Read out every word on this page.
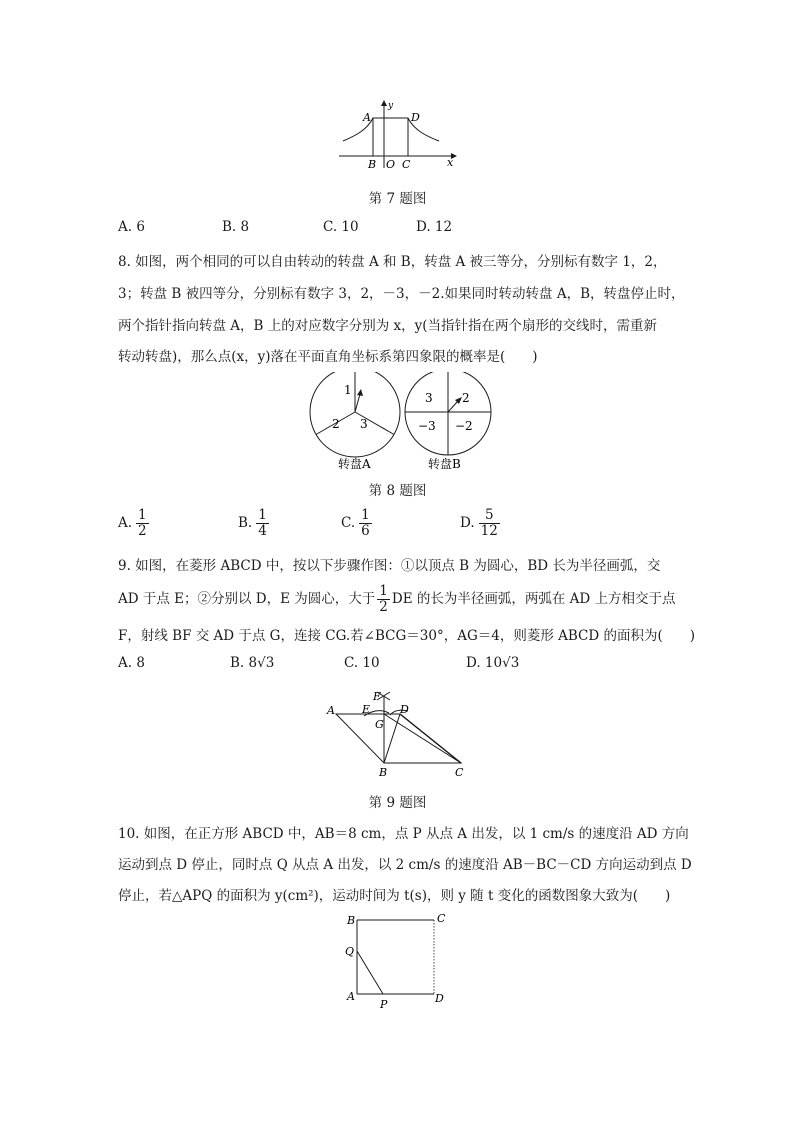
A
y
D
B O C	x
第 7 题图
A. 6	B. 8	C. 10	D. 12
8. 如图，两个相同的可以自由转动的转盘 A 和 B，转盘 A 被三等分，分别标有数字 1，2，
3；转盘 B 被四等分，分别标有数字 3，2，－3，－2.如果同时转动转盘 A，B，转盘停止时，
两个指针指向转盘 A，B 上的对应数字分别为 x，y(当指针指在两个扇形的交线时，需重新
转动转盘)，那么点(x，y)落在平面直角坐标系第四象限的概率是(　　)
1
2 3
转盘A
3 2
−3 −2
转盘B
第 8 题图
A. $\frac{1}{2}$	B. $\frac{1}{4}$	C. $\frac{1}{6}$	D. $\frac{5}{12}$
9. 如图，在菱形 ABCD 中，按以下步骤作图：①以顶点 B 为圆心，BD 长为半径画弧，交
AD 于点 E；②分别以 D，E 为圆心，大于 $\frac{1}{2}$ DE 的长为半径画弧，两弧在 AD 上方相交于点
F，射线 BF 交 AD 于点 G，连接 CG.若∠BCG＝30°，AG＝4，则菱形 ABCD 的面积为(　　)
A. 8	B. 8√3	C. 10	D. 10√3
F
A E	D
G
B	C
第 9 题图
10. 如图，在正方形 ABCD 中，AB＝8 cm，点 P 从点 A 出发，以 1 cm/s 的速度沿 AD 方向
运动到点 D 停止，同时点 Q 从点 A 出发，以 2 cm/s 的速度沿 AB－BC－CD 方向运动到点 D
停止，若△APQ 的面积为 y(cm²)，运动时间为 t(s)，则 y 随 t 变化的函数图象大致为(　　)
B	C
Q
A
P	D
